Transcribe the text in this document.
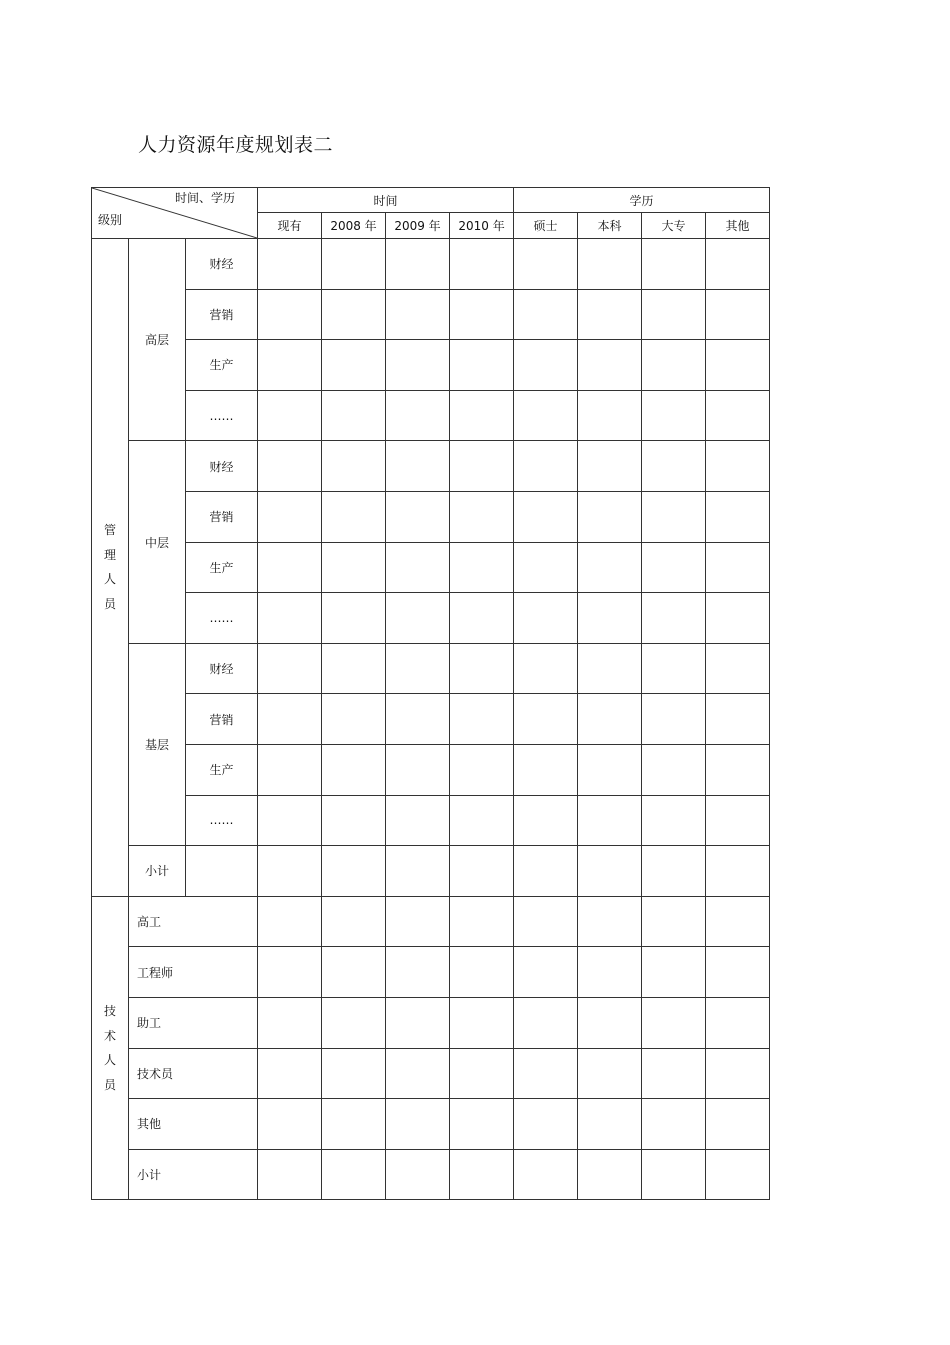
人力资源年度规划表二
时间、学历
级别			时间				学历			
			现有	2008 年	2009 年	2010 年	硕士	本科	大专	其他
管理人员	高层	财经								
		营销								
		生产								
		……								
	中层	财经								
		营销								
		生产								
		……								
	基层	财经								
		营销								
		生产								
		……								
	小计									
技术人员	高工									
	工程师									
	助工									
	技术员									
	其他									
	小计									
